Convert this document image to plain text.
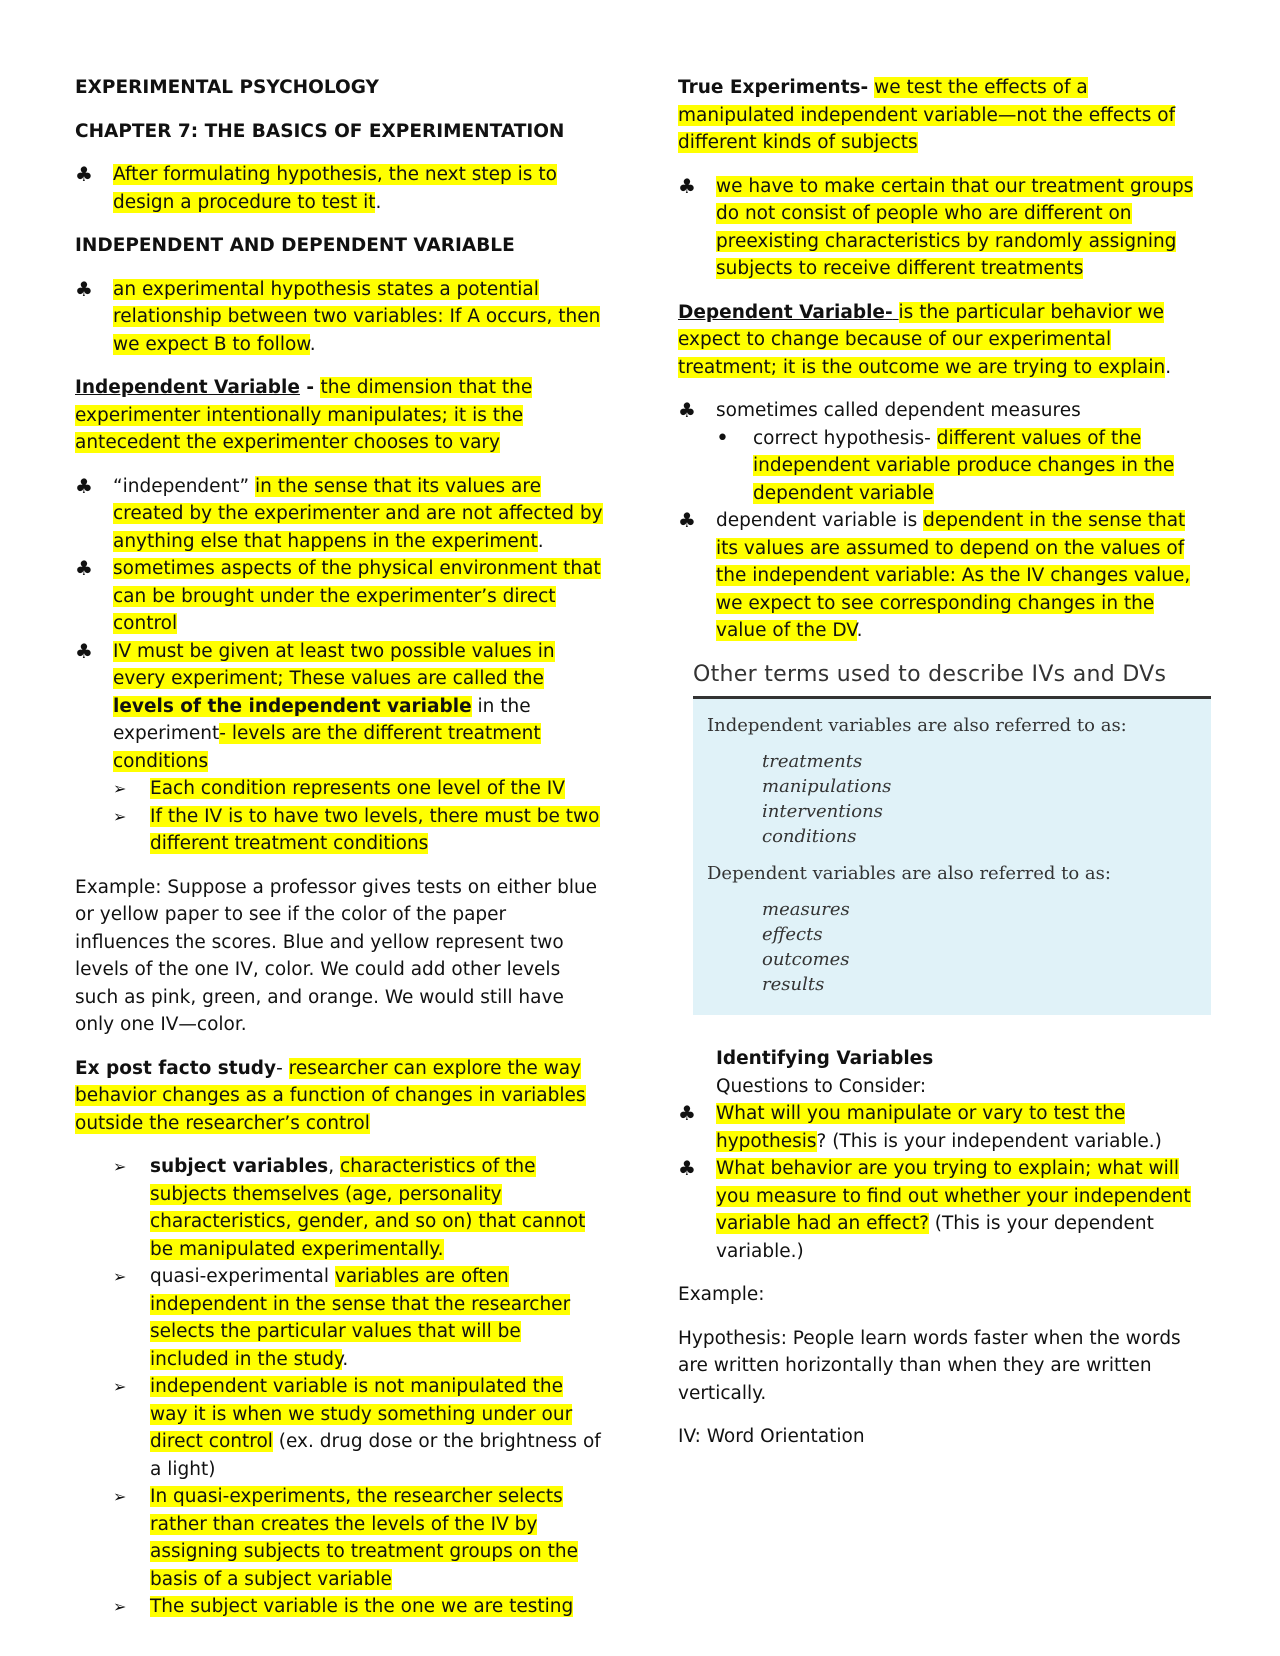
EXPERIMENTAL PSYCHOLOGY

CHAPTER 7: THE BASICS OF EXPERIMENTATION

♣ After formulating hypothesis, the next step is to design a procedure to test it.

INDEPENDENT AND DEPENDENT VARIABLE

♣ an experimental hypothesis states a potential relationship between two variables: If A occurs, then we expect B to follow.

Independent Variable - the dimension that the experimenter intentionally manipulates; it is the antecedent the experimenter chooses to vary

♣ “independent” in the sense that its values are created by the experimenter and are not affected by anything else that happens in the experiment.
♣ sometimes aspects of the physical environment that can be brought under the experimenter’s direct control
♣ IV must be given at least two possible values in every experiment; These values are called the levels of the independent variable in the experiment- levels are the different treatment conditions
➢ Each condition represents one level of the IV
➢ If the IV is to have two levels, there must be two different treatment conditions

Example: Suppose a professor gives tests on either blue or yellow paper to see if the color of the paper influences the scores. Blue and yellow represent two levels of the one IV, color. We could add other levels such as pink, green, and orange. We would still have only one IV—color.

Ex post facto study- researcher can explore the way behavior changes as a function of changes in variables outside the researcher’s control

➢ subject variables, characteristics of the subjects themselves (age, personality characteristics, gender, and so on) that cannot be manipulated experimentally.
➢ quasi-experimental variables are often independent in the sense that the researcher selects the particular values that will be included in the study.
➢ independent variable is not manipulated the way it is when we study something under our direct control (ex. drug dose or the brightness of a light)
➢ In quasi-experiments, the researcher selects rather than creates the levels of the IV by assigning subjects to treatment groups on the basis of a subject variable
➢ The subject variable is the one we are testing

True Experiments- we test the effects of a manipulated independent variable—not the effects of different kinds of subjects

♣ we have to make certain that our treatment groups do not consist of people who are different on preexisting characteristics by randomly assigning subjects to receive different treatments

Dependent Variable- is the particular behavior we expect to change because of our experimental treatment; it is the outcome we are trying to explain.

♣ sometimes called dependent measures
• correct hypothesis- different values of the independent variable produce changes in the dependent variable
♣ dependent variable is dependent in the sense that its values are assumed to depend on the values of the independent variable: As the IV changes value, we expect to see corresponding changes in the value of the DV.
Other terms used to describe IVs and DVs

Independent variables are also referred to as:

treatments
manipulations
interventions
conditions

Dependent variables are also referred to as:

measures
effects
outcomes
results

Identifying Variables

Questions to Consider:

♣ What will you manipulate or vary to test the hypothesis? (This is your independent variable.)
♣ What behavior are you trying to explain; what will you measure to find out whether your independent variable had an effect? (This is your dependent variable.)

Example:

Hypothesis: People learn words faster when the words are written horizontally than when they are written vertically.

IV: Word Orientation
